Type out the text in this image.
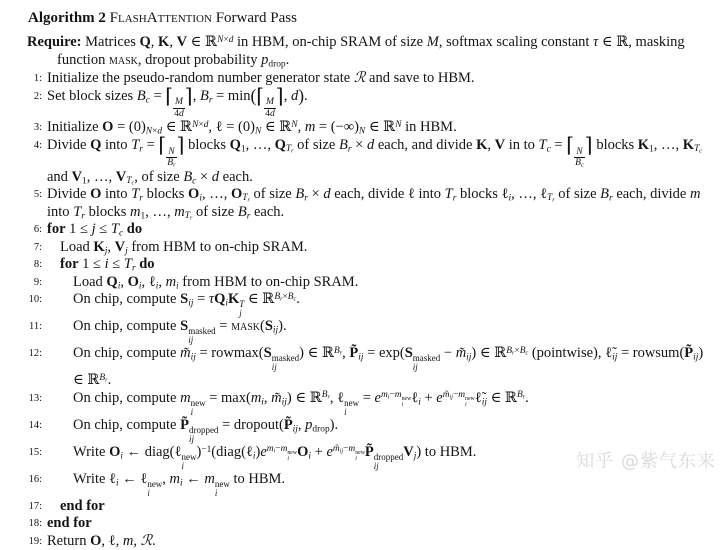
Algorithm 2 FlashAttention Forward Pass
Require: Matrices Q, K, V ∈ ℝ$^{N\times d}$ in HBM, on-chip SRAM of size M, softmax scaling constant τ ∈ ℝ, masking function mask, dropout probability $p_{drop}$.
1: Initialize the pseudo-random number generator state ℛ and save to HBM.
2: Set block sizes $B_c$ = ⌈
$\frac{M}{4d}$
⌉, $B_r$ = min(⌈
$\frac{M}{4d}$
⌉, d).
3: Initialize $O = (0)_{N\times d}$ ∈ ℝ$^{N\times d}$, ℓ = $(0)_N$ ∈ ℝ$^N$, $m = (-\infty)_N$ ∈ ℝ$^N$ in HBM.
4: Divide Q into $T_r$ = ⌈
$\frac{N}{B_r}$
⌉ blocks $Q_1$, …, $Q_{T_r}$ of size $B_r \times d$ each, and divide K, V in to $T_c$ = ⌈
$\frac{N}{B_c}$
⌉ blocks $K_1$, …, $K_{T_c}$ and $V_1$, …, $V_{T_c}$, of size $B_c \times d$ each.
5: Divide O into $T_r$ blocks $O_i$, …, $O_{T_r}$ of size $B_r \times d$ each, divide ℓ into $T_r$ blocks ℓ$_i$, …, ℓ$_{T_r}$ of size $B_r$ each, divide m into $T_r$ blocks $m_1$, …, $m_{T_r}$ of size $B_r$ each.
6: for $1 \le j \le T_c$ do
7:	Load $K_j$, $V_j$ from HBM to on-chip SRAM.
8:	for $1 \le i \le T_r$ do
9:	Load $Q_i$, $O_i$, ℓ$_i$, $m_i$ from HBM to on-chip SRAM.
10:	On chip, compute $S_{ij} = \tau Q_iK$ T
j
∈ ℝ$^{B_r\times B_c}$.
11:	On chip, compute S masked
ij
= $mask(S_{ij})$.
12:	On chip, compute $m̃_{ij} = rowmax(S$ masked
ij
) ∈ ℝ$^{B_r}$, $P̃_{ij} = \exp(S$ masked
ij
− $m̃_{ij}$) ∈ ℝ$^{B_r\times B_c}$ (pointwise), $\ell̃_{ij}$ = $rowsum(P̃_{ij})$ ∈ ℝ$^{B_r}$.
13:	On chip, compute m new
i
= $\max(m_i$, $m̃_{ij}$) ∈ ℝ$^{B_r}$, ℓ new
i
= $e^{m_i-m new i}$ ℓ$_i$ + $e^{m̃_{ij}-m new i}$ $\ell̃_{ij}$ ∈ ℝ$^{B_r}$.
14:	On chip, compute P̃ dropped
ij
= $dropout(P̃_{ij}$, $p_{drop}$).
15:	Write $O_i$ ← diag(ℓ new
i
)$^{-1}(diag(\ell_i)e^{m_i-m new i}$ $O_i + e^{m̃_{ij}-m new i}$ P̃ dropped
ij
$V_j$) to HBM.
16:	Write ℓ$_i$ ← ℓ new
i
, $m_i$ ← m new
i
to HBM.
17:	end for
18: end for
19: Return O, ℓ, m, ℛ.
知乎 @紫气东来
